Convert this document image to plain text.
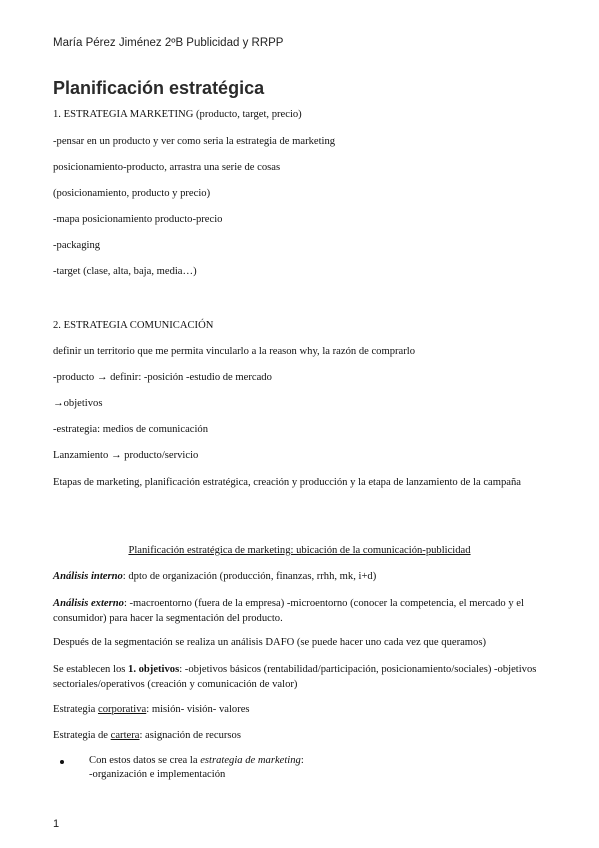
María Pérez Jiménez 2ºB Publicidad y RRPP
Planificación estratégica
1. ESTRATEGIA MARKETING (producto, target, precio)
-pensar en un producto y ver como seria la estrategia de marketing
posicionamiento-producto, arrastra una serie de cosas
(posicionamiento, producto y precio)
-mapa posicionamiento producto-precio
-packaging
-target (clase, alta, baja, media…)
2. ESTRATEGIA COMUNICACIÓN
definir un territorio que me permita vincularlo a la reason why, la razón de comprarlo
-producto → definir: -posición -estudio de mercado
→objetivos
-estrategia: medios de comunicación
Lanzamiento → producto/servicio
Etapas de marketing, planificación estratégica, creación y producción y la etapa de lanzamiento de la campaña
Planificación estratégica de marketing: ubicación de la comunicación-publicidad
Análisis interno: dpto de organización (producción, finanzas, rrhh, mk, i+d)
Análisis externo: -macroentorno (fuera de la empresa) -microentorno (conocer la competencia, el mercado y el consumidor) para hacer la segmentación del producto.
Después de la segmentación se realiza un análisis DAFO (se puede hacer uno cada vez que queramos)
Se establecen los 1. objetivos: -objetivos básicos (rentabilidad/participación, posicionamiento/sociales) -objetivos sectoriales/operativos (creación y comunicación de valor)
Estrategia corporativa: misión- visión- valores
Estrategia de cartera: asignación de recursos
Con estos datos se crea la estrategia de marketing:
-organización e implementación
1
